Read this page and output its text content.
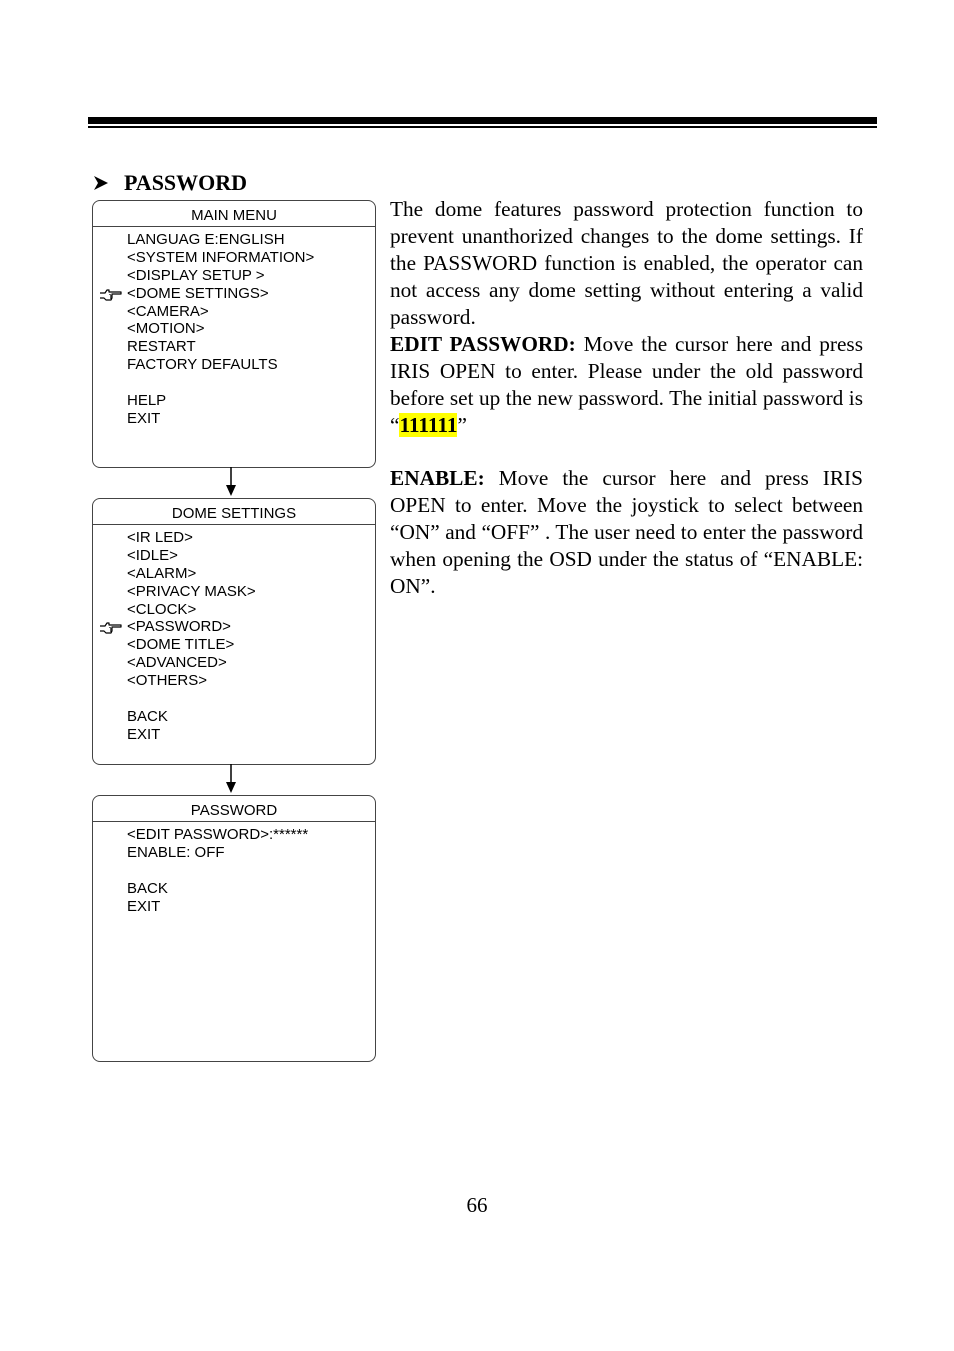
PASSWORD
MAIN MENU
LANGUAG E:ENGLISH
<SYSTEM INFORMATION>
<DISPLAY SETUP >
<DOME SETTINGS>
<CAMERA>
<MOTION>
RESTART
FACTORY DEFAULTS
HELP
EXIT
DOME SETTINGS
<IR LED>
<IDLE>
<ALARM>
<PRIVACY MASK>
<CLOCK>
<PASSWORD>
<DOME TITLE>
<ADVANCED>
<OTHERS>
BACK
EXIT
PASSWORD
<EDIT PASSWORD>:******
ENABLE: OFF
BACK
EXIT

The dome features password protection function to prevent unanthorized changes to the dome settings. If the PASSWORD function is enabled, the operator can not access any dome setting without entering a valid password.

EDIT PASSWORD: Move the cursor here and press IRIS OPEN to enter. Please under the old password before set up the new password. The initial password is “111111”

ENABLE: Move the cursor here and press IRIS OPEN to enter. Move the joystick to select between “ON” and “OFF” . The user need to enter the password when opening the OSD under the status of “ENABLE: ON”.

66
